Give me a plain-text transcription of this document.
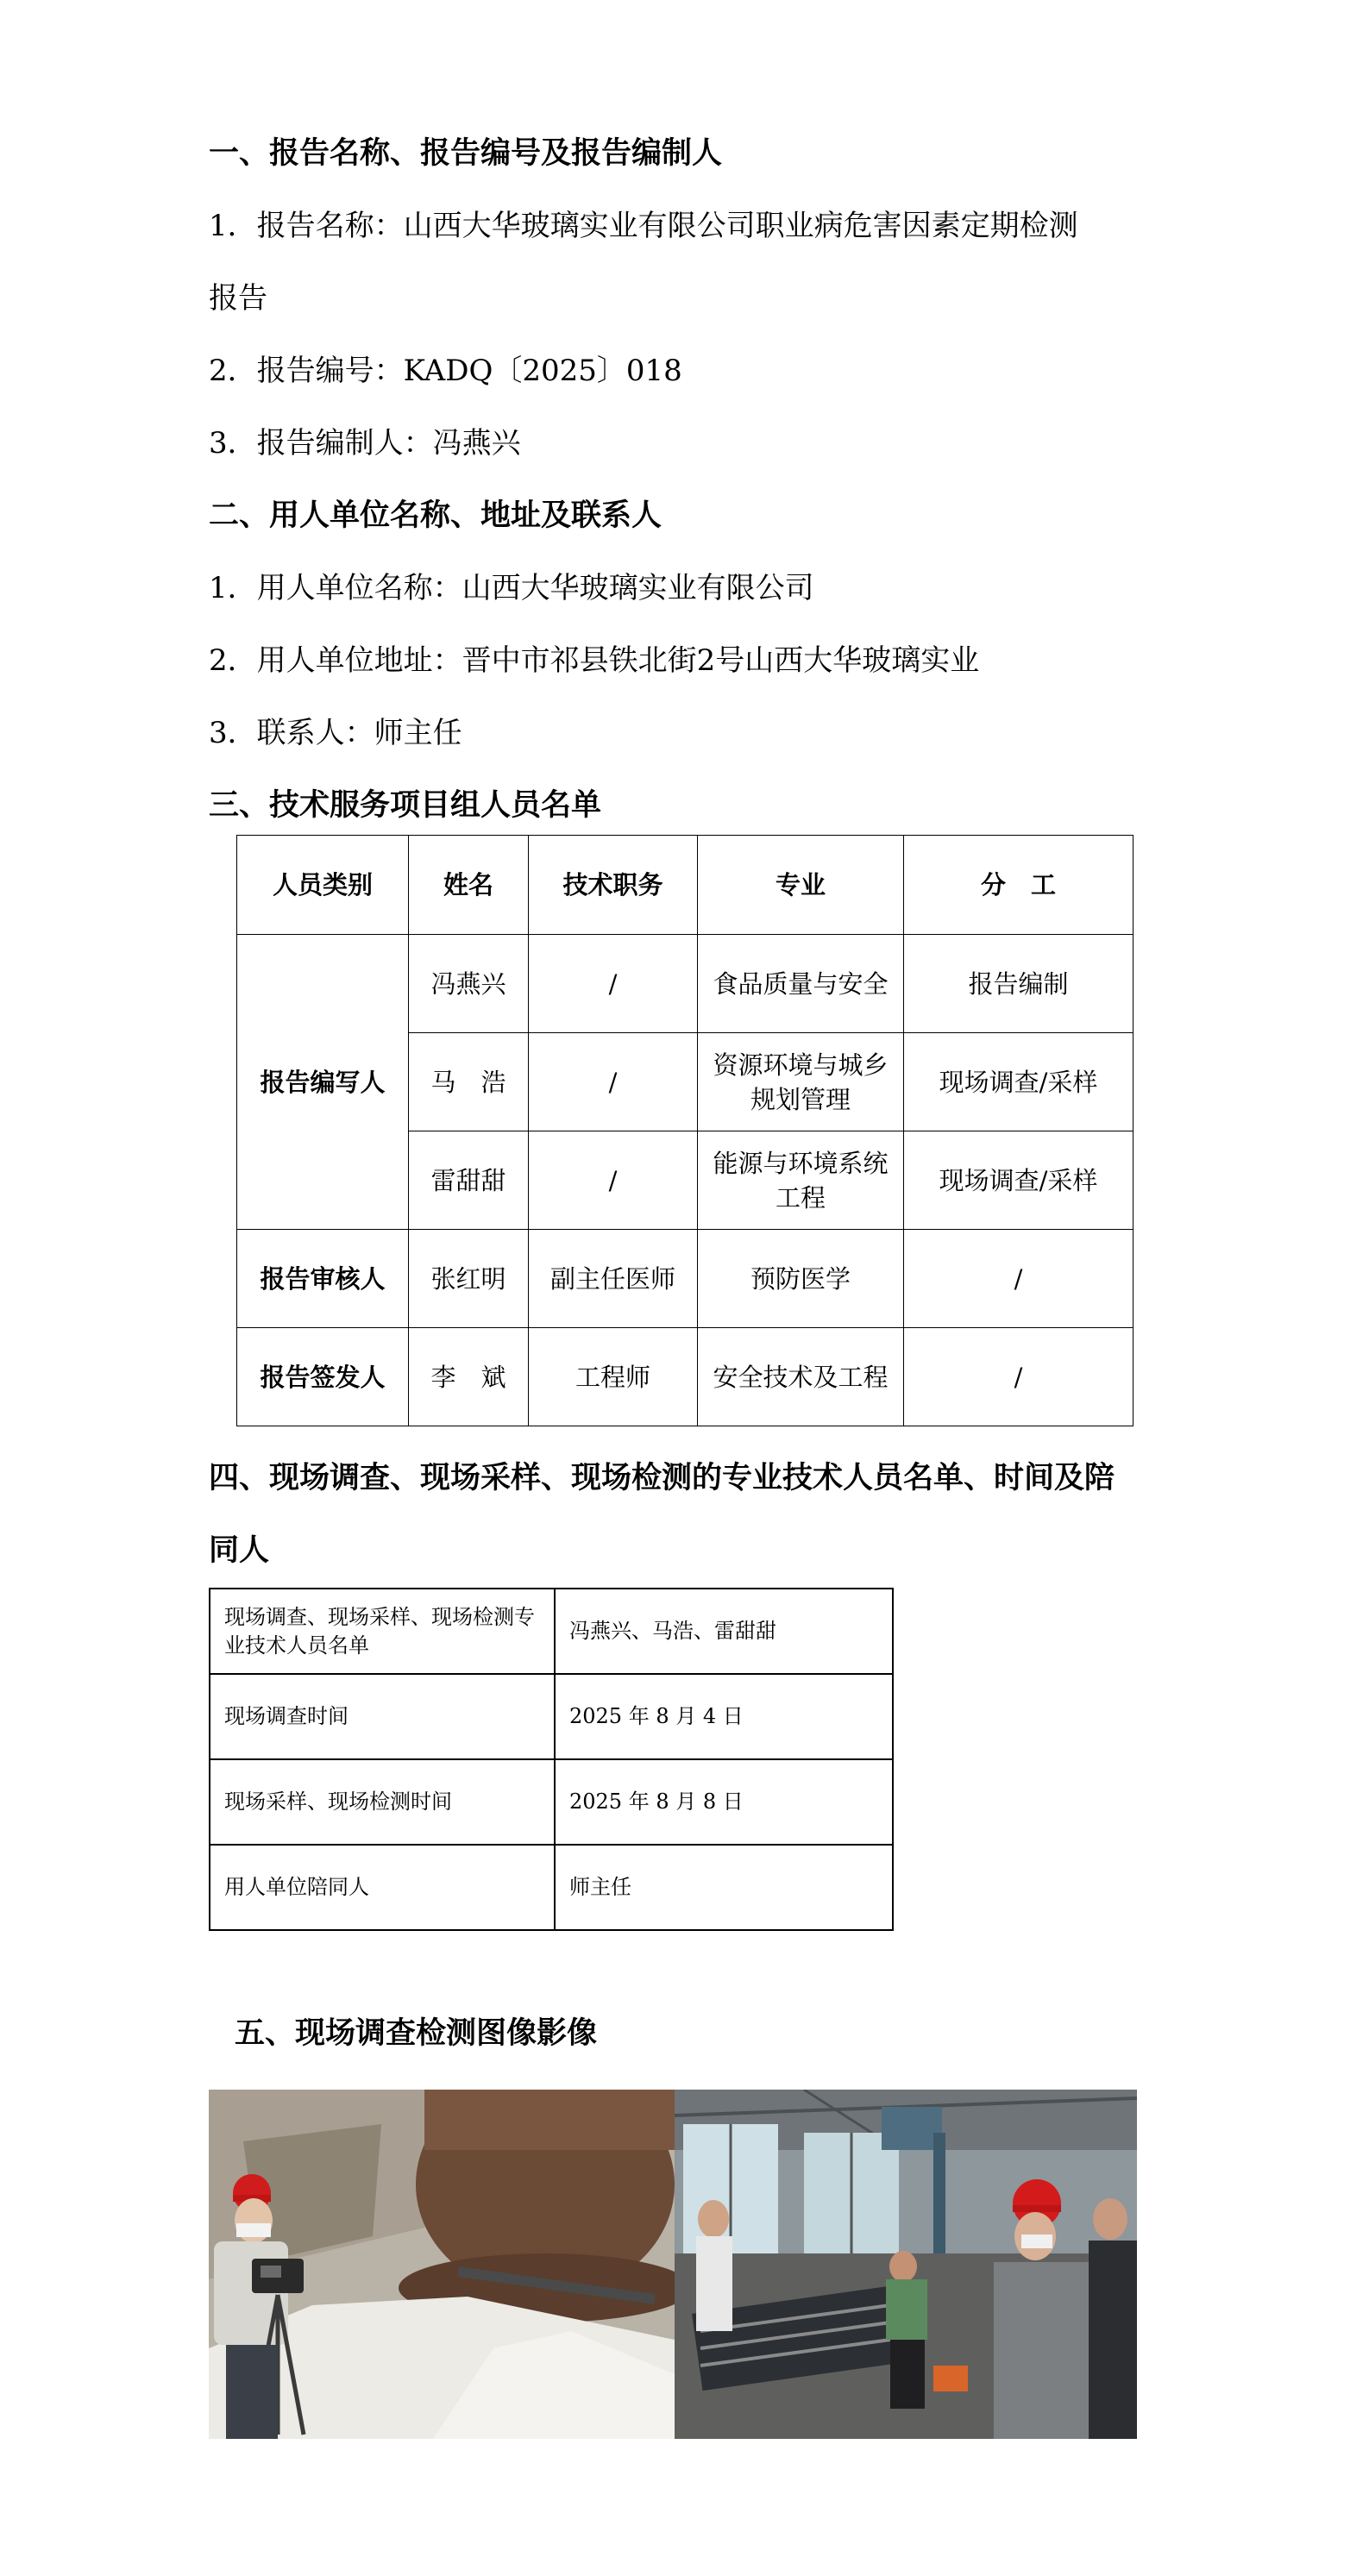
一、报告名称、报告编号及报告编制人
1．报告名称：山西大华玻璃实业有限公司职业病危害因素定期检测
报告
2．报告编号：KADQ〔2025〕018
3．报告编制人：冯燕兴
二、用人单位名称、地址及联系人
1．用人单位名称：山西大华玻璃实业有限公司
2．用人单位地址：晋中市祁县铁北街2号山西大华玻璃实业
3．联系人：师主任
三、技术服务项目组人员名单
人员类别	姓名	技术职务	专业	分　工
报告编写人	冯燕兴	/	食品质量与安全	报告编制
	马　浩	/	资源环境与城乡规划管理	现场调查/采样
	雷甜甜	/	能源与环境系统工程	现场调查/采样
报告审核人	张红明	副主任医师	预防医学	/
报告签发人	李　斌	工程师	安全技术及工程	/
四、现场调查、现场采样、现场检测的专业技术人员名单、时间及陪
同人
现场调查、现场采样、现场检测专业技术人员名单	冯燕兴、马浩、雷甜甜
现场调查时间	2025 年 8 月 4 日
现场采样、现场检测时间	2025 年 8 月 8 日
用人单位陪同人	师主任
五、现场调查检测图像影像
